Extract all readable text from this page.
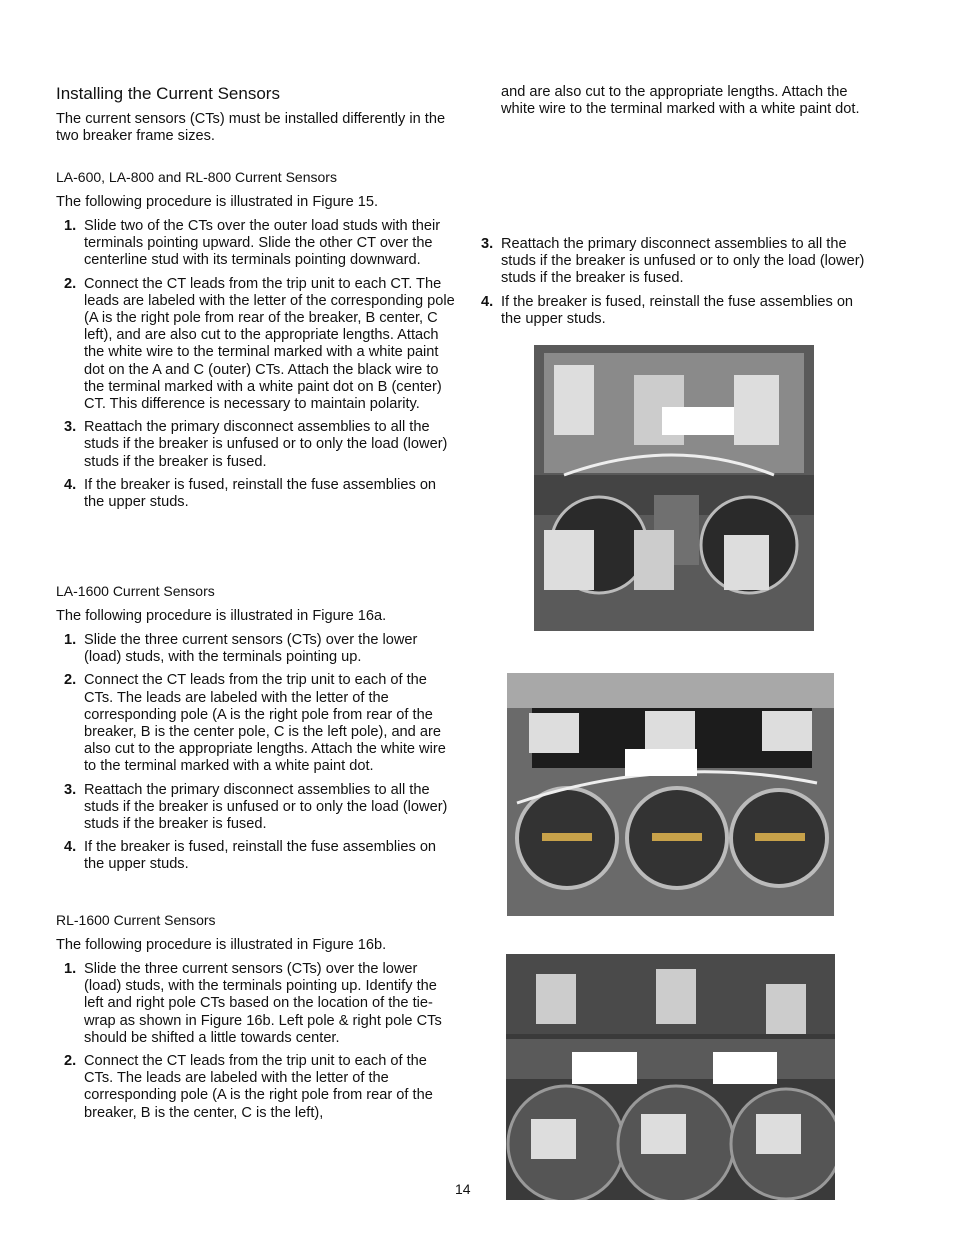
Installing the Current Sensors

The current sensors (CTs) must be installed differently in the two breaker frame sizes.

LA-600, LA-800 and RL-800 Current Sensors

The following procedure is illustrated in Figure 15.

1. Slide two of the CTs over the outer load studs with their terminals pointing upward. Slide the other CT over the centerline stud with its terminals pointing downward.
2. Connect the CT leads from the trip unit to each CT. The leads are labeled with the letter of the corresponding pole (A is the right pole from rear of the breaker, B center, C left), and are also cut to the appropriate lengths. Attach the white wire to the terminal marked with a white paint dot on the A and C (outer) CTs. Attach the black wire to the terminal marked with a white paint dot on B (center) CT. This difference is necessary to maintain polarity.
3. Reattach the primary disconnect assemblies to all the studs if the breaker is unfused or to only the load (lower) studs if the breaker is fused.
4. If the breaker is fused, reinstall the fuse assemblies on the upper studs.
LA-1600 Current Sensors

The following procedure is illustrated in Figure 16a.

1. Slide the three current sensors (CTs) over the lower (load) studs, with the terminals pointing up.
2. Connect the CT leads from the trip unit to each of the CTs. The leads are labeled with the letter of the corresponding pole (A is the right pole from rear of the breaker, B is the center pole, C is the left pole), and are also cut to the appropriate lengths. Attach the white wire to the terminal marked with a white paint dot.
3. Reattach the primary disconnect assemblies to all the studs if the breaker is unfused or to only the load (lower) studs if the breaker is fused.
4. If the breaker is fused, reinstall the fuse assemblies on the upper studs.
RL-1600 Current Sensors

The following procedure is illustrated in Figure 16b.

1. Slide the three current sensors (CTs) over the lower (load) studs, with the terminals pointing up. Identify the left and right pole CTs based on the location of the tie-wrap as shown in Figure 16b. Left pole & right pole CTs should be shifted a little towards center.
2. Connect the CT leads from the trip unit to each of the CTs. The leads are labeled with the letter of the corresponding pole (A is the right pole from rear of the breaker, B is the center, C is the left),

and are also cut to the appropriate lengths. Attach the white wire to the terminal marked with a white paint dot.

3. Reattach the primary disconnect assemblies to all the studs if the breaker is unfused or to only the load (lower) studs if the breaker is fused.
4. If the breaker is fused, reinstall the fuse assemblies on the upper studs.
14
